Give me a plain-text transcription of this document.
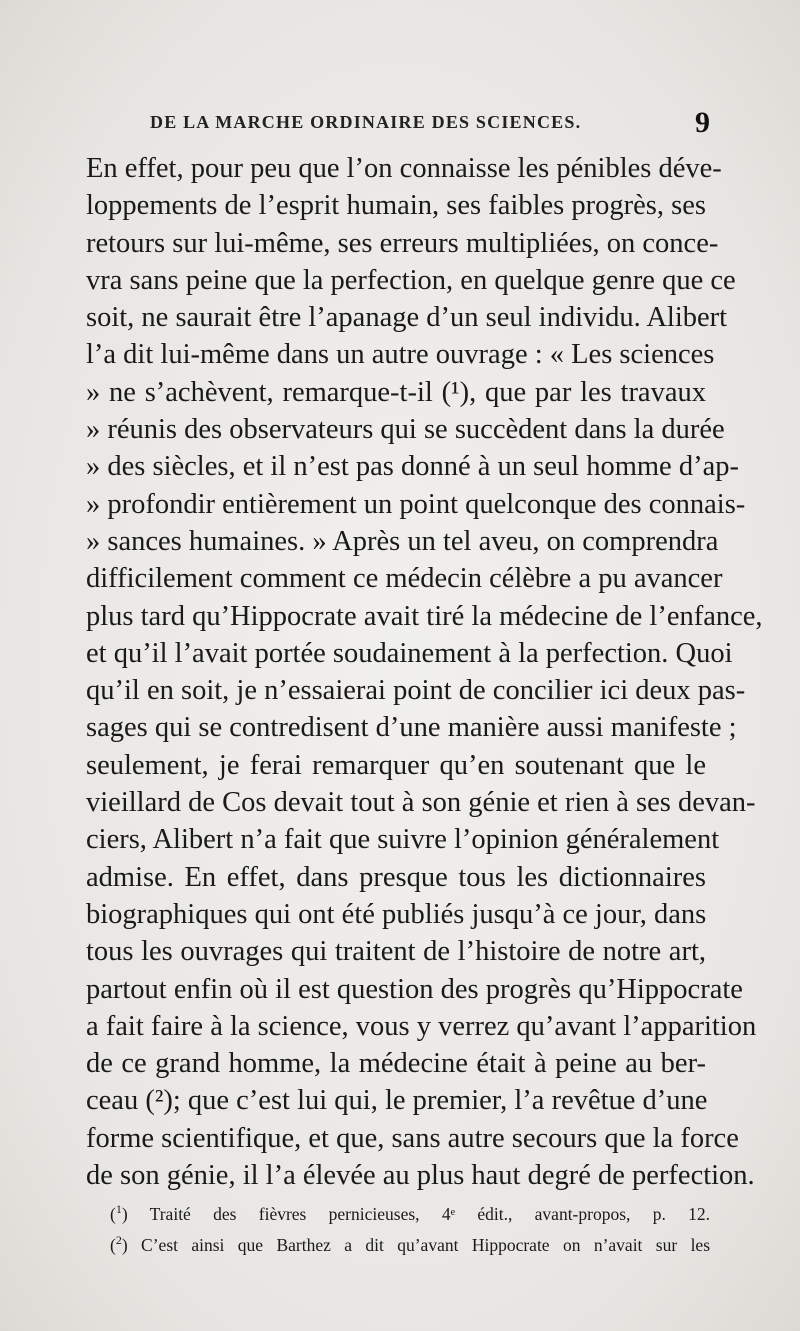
DE LA MARCHE ORDINAIRE DES SCIENCES.	9
En effet, pour peu que l’on connaisse les pénibles déve-
loppements de l’esprit humain, ses faibles progrès, ses
retours sur lui-même, ses erreurs multipliées, on conce-
vra sans peine que la perfection, en quelque genre que ce
soit, ne saurait être l’apanage d’un seul individu. Alibert
l’a dit lui-même dans un autre ouvrage : « Les sciences
» ne s’achèvent, remarque-t-il (¹), que par les travaux
» réunis des observateurs qui se succèdent dans la durée
» des siècles, et il n’est pas donné à un seul homme d’ap-
» profondir entièrement un point quelconque des connais-
» sances humaines. » Après un tel aveu, on comprendra
difficilement comment ce médecin célèbre a pu avancer
plus tard qu’Hippocrate avait tiré la médecine de l’enfance,
et qu’il l’avait portée soudainement à la perfection. Quoi
qu’il en soit, je n’essaierai point de concilier ici deux pas-
sages qui se contredisent d’une manière aussi manifeste ;
seulement, je ferai remarquer qu’en soutenant que le
vieillard de Cos devait tout à son génie et rien à ses devan-
ciers, Alibert n’a fait que suivre l’opinion généralement
admise. En effet, dans presque tous les dictionnaires
biographiques qui ont été publiés jusqu’à ce jour, dans
tous les ouvrages qui traitent de l’histoire de notre art,
partout enfin où il est question des progrès qu’Hippocrate
a fait faire à la science, vous y verrez qu’avant l’apparition
de ce grand homme, la médecine était à peine au ber-
ceau (²); que c’est lui qui, le premier, l’a revêtue d’une
forme scientifique, et que, sans autre secours que la force
de son génie, il l’a élevée au plus haut degré de perfection.
($^1$) Traité des fièvres pernicieuses, 4ᵉ édit., avant-propos, p. 12.
($^2$) C’est ainsi que Barthez a dit qu’avant Hippocrate on n’avait sur les
